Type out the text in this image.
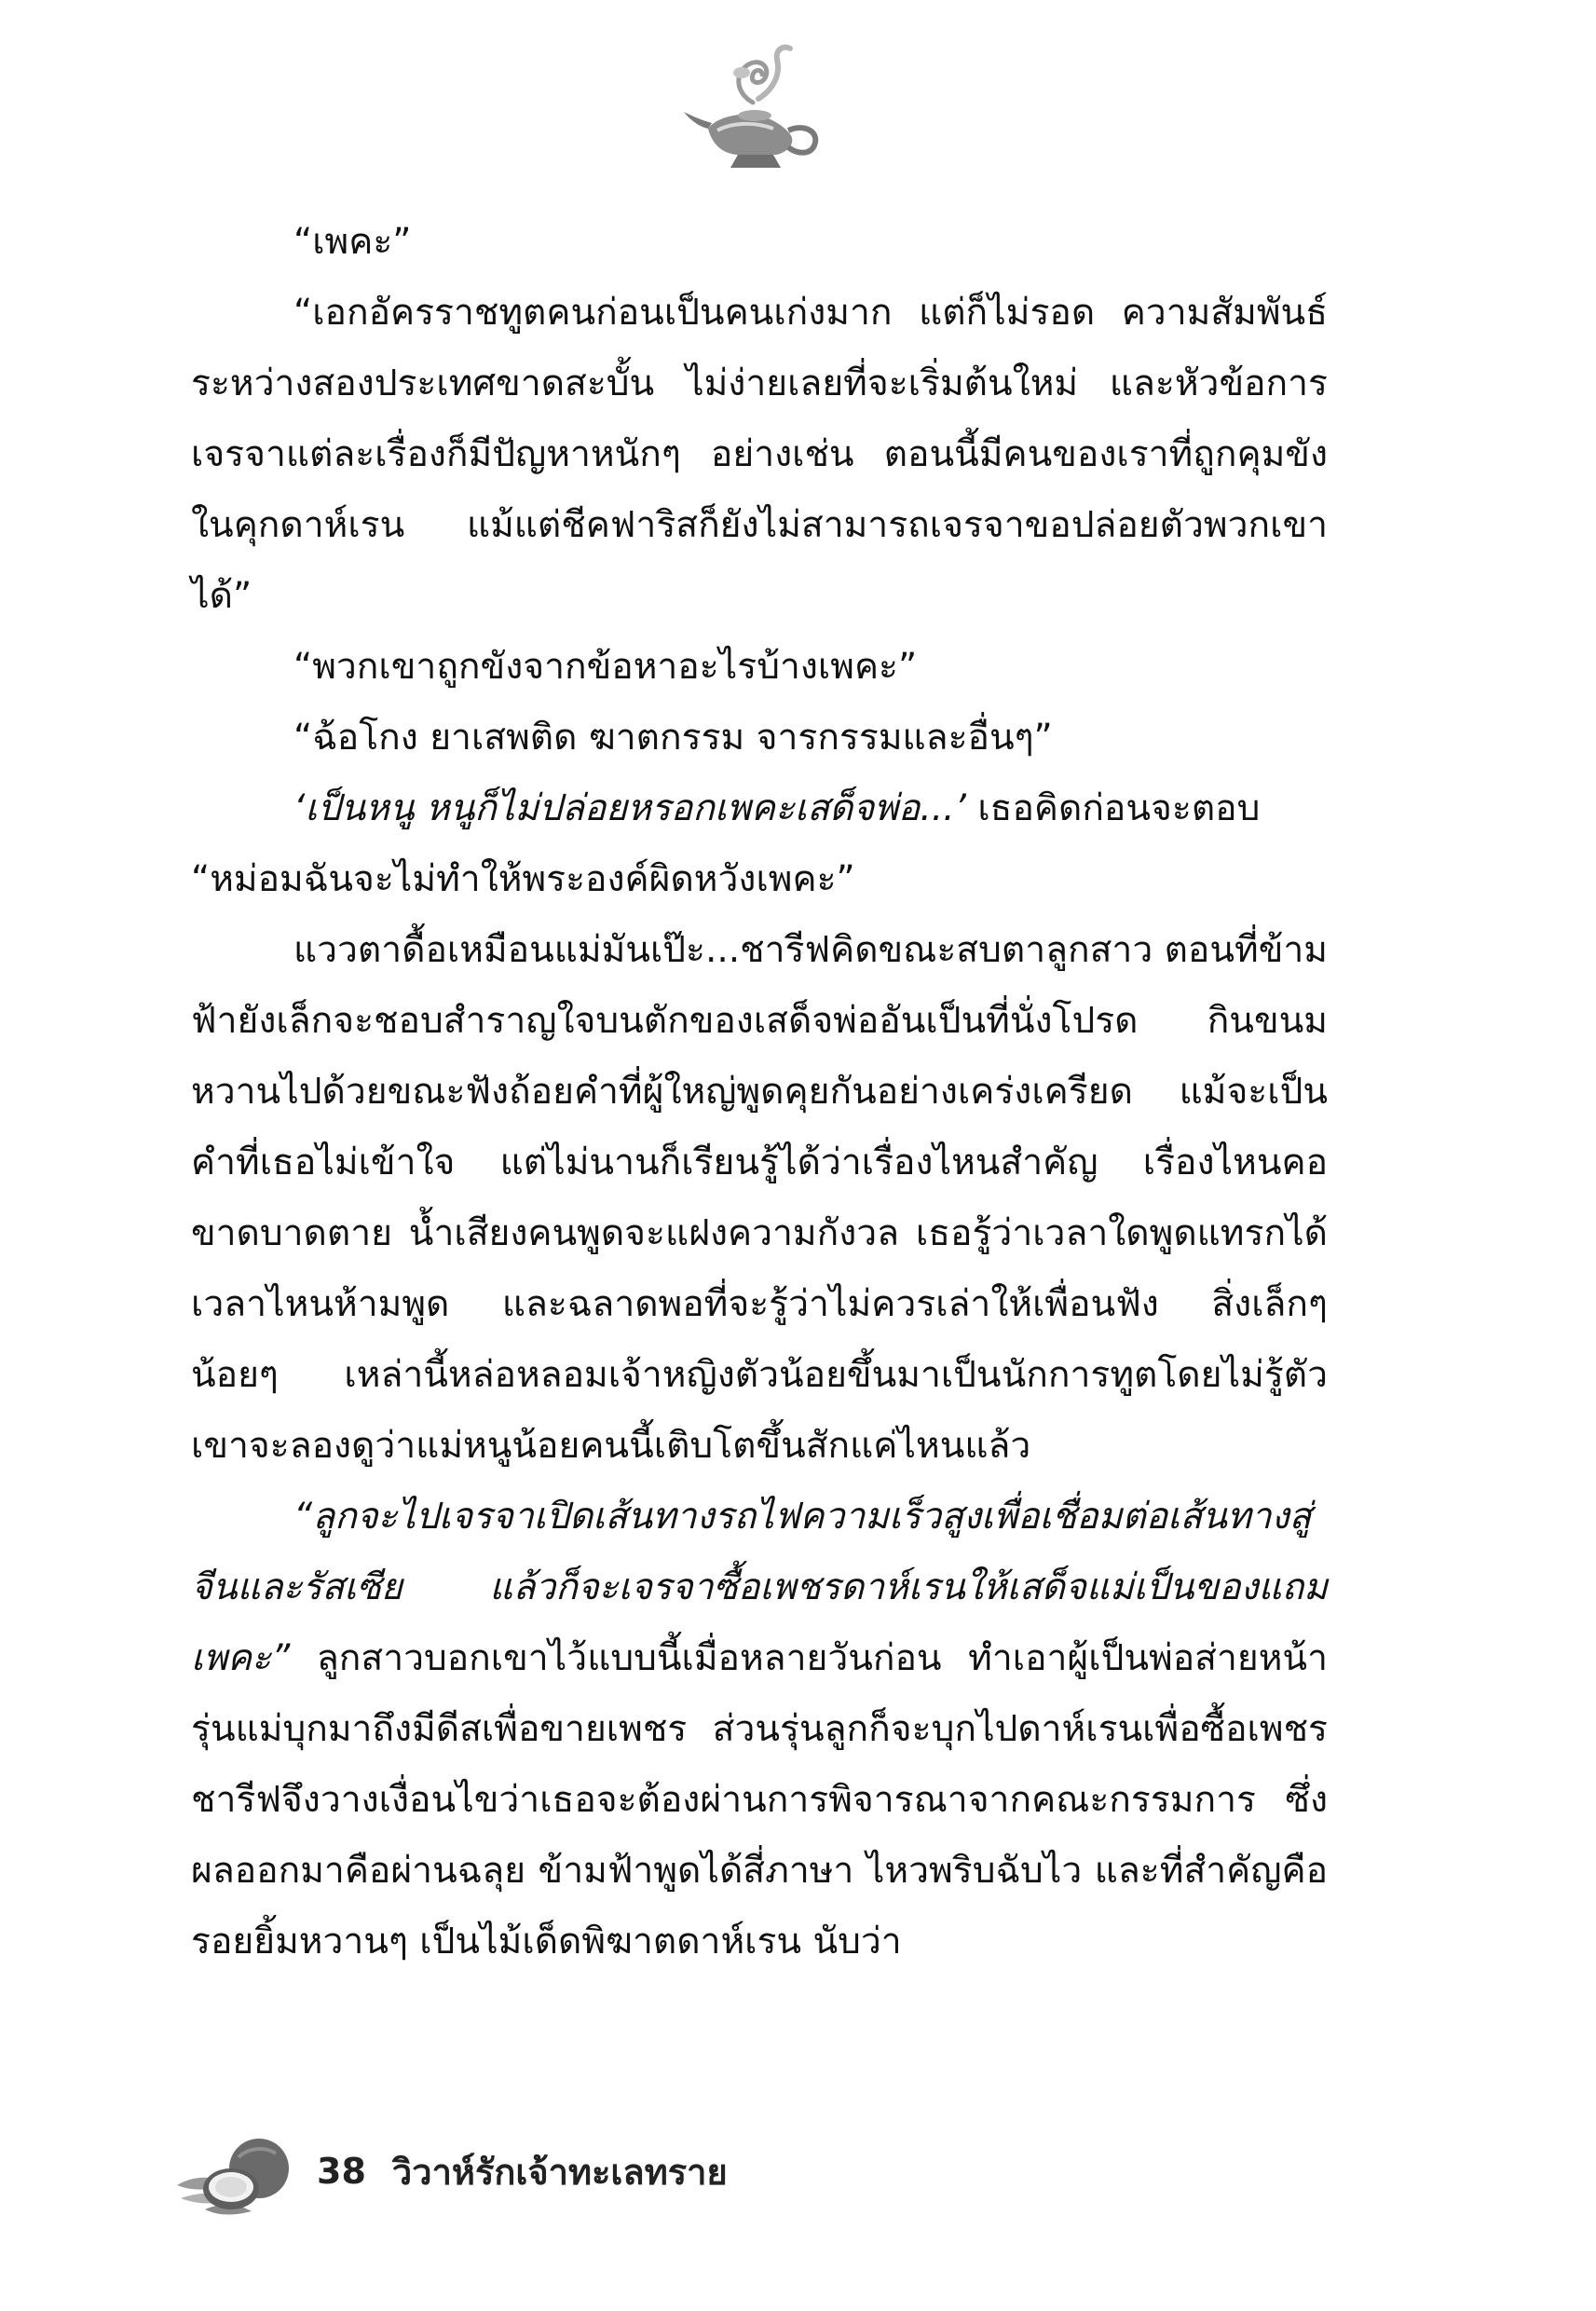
“เพคะ”

“เอกอัครราชทูตคนก่อนเป็นคนเก่งมาก แต่ก็ไม่รอด ความสัมพันธ์ระหว่างสองประเทศขาดสะบั้น ไม่ง่ายเลยที่จะเริ่มต้นใหม่ และหัวข้อการเจรจาแต่ละเรื่องก็มีปัญหาหนักๆ อย่างเช่น ตอนนี้มีคนของเราที่ถูกคุมขังในคุกดาห์เรน แม้แต่ชีคฟาริสก็ยังไม่สามารถเจรจาขอปล่อยตัวพวกเขาได้”

“พวกเขาถูกขังจากข้อหาอะไรบ้างเพคะ”

“ฉ้อโกง ยาเสพติด ฆาตกรรม จารกรรมและอื่นๆ”

‘เป็นหนู หนูก็ไม่ปล่อยหรอกเพคะเสด็จพ่อ...’ เธอคิดก่อนจะตอบ

“หม่อมฉันจะไม่ทำให้พระองค์ผิดหวังเพคะ”

แววตาดื้อเหมือนแม่มันเป๊ะ...ชารีฟคิดขณะสบตาลูกสาว ตอนที่ข้ามฟ้ายังเล็กจะชอบสำราญใจบนตักของเสด็จพ่ออันเป็นที่นั่งโปรด กินขนมหวานไปด้วยขณะฟังถ้อยคำที่ผู้ใหญ่พูดคุยกันอย่างเคร่งเครียด แม้จะเป็นคำที่เธอไม่เข้าใจ แต่ไม่นานก็เรียนรู้ได้ว่าเรื่องไหนสำคัญ เรื่องไหนคอขาดบาดตาย น้ำเสียงคนพูดจะแฝงความกังวล เธอรู้ว่าเวลาใดพูดแทรกได้ เวลาไหนห้ามพูด และฉลาดพอที่จะรู้ว่าไม่ควรเล่าให้เพื่อนฟัง สิ่งเล็กๆ น้อยๆ เหล่านี้หล่อหลอมเจ้าหญิงตัวน้อยขึ้นมาเป็นนักการทูตโดยไม่รู้ตัว เขาจะลองดูว่าแม่หนูน้อยคนนี้เติบโตขึ้นสักแค่ไหนแล้ว

“ลูกจะไปเจรจาเปิดเส้นทางรถไฟความเร็วสูงเพื่อเชื่อมต่อเส้นทางสู่จีนและรัสเซีย แล้วก็จะเจรจาซื้อเพชรดาห์เรนให้เสด็จแม่เป็นของแถมเพคะ” ลูกสาวบอกเขาไว้แบบนี้เมื่อหลายวันก่อน ทำเอาผู้เป็นพ่อส่ายหน้า รุ่นแม่บุกมาถึงมีดีสเพื่อขายเพชร ส่วนรุ่นลูกก็จะบุกไปดาห์เรนเพื่อซื้อเพชร ชารีฟจึงวางเงื่อนไขว่าเธอจะต้องผ่านการพิจารณาจากคณะกรรมการ ซึ่งผลออกมาคือผ่านฉลุย ข้ามฟ้าพูดได้สี่ภาษา ไหวพริบฉับไว และที่สำคัญคือรอยยิ้มหวานๆ เป็นไม้เด็ดพิฆาตดาห์เรน นับว่า

38 วิวาห์รักเจ้าทะเลทราย
